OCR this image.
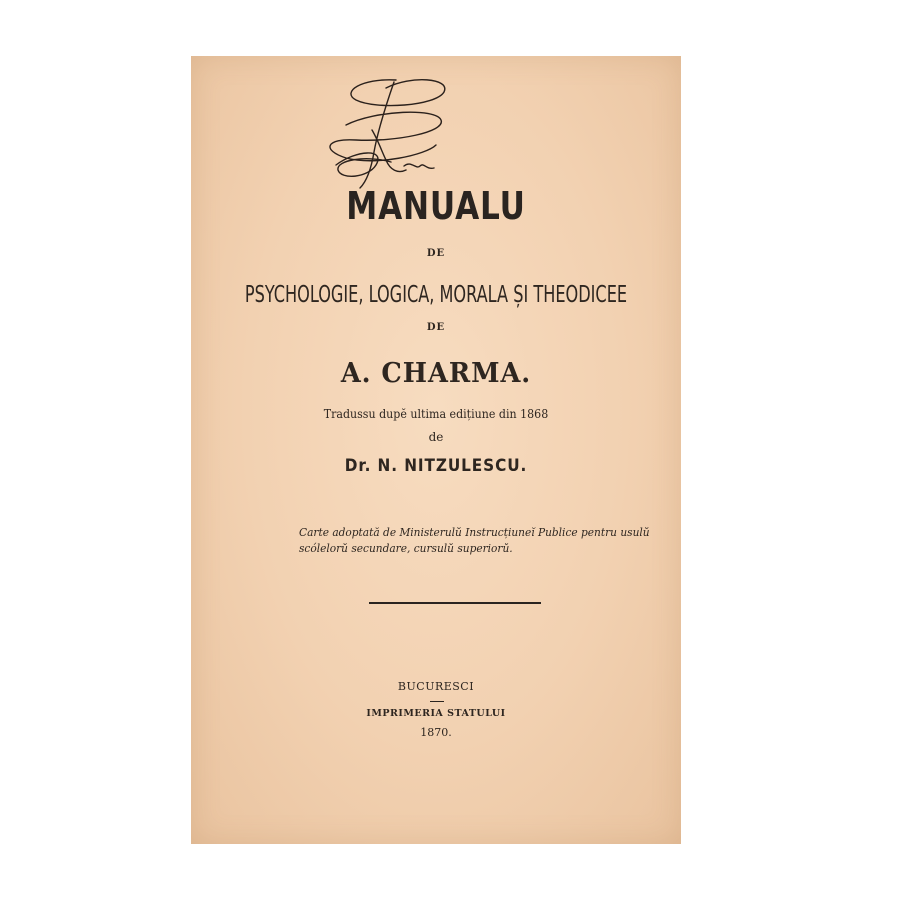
MANUALU
DE
PSYCHOLOGIE, LOGICA, MORALA ȘI THEODICEE
DE
A. CHARMA.
Tradussu dupĕ ultima edițiune din 1868
de
Dr. N. NITZULESCU.
Carte adoptată de Ministerulŭ Instrucțiuneĭ Publice pentru usulŭ
scólelorŭ secundare, cursulŭ superiorŭ.
BUCURESCI
IMPRIMERIA STATULUI
1870.
